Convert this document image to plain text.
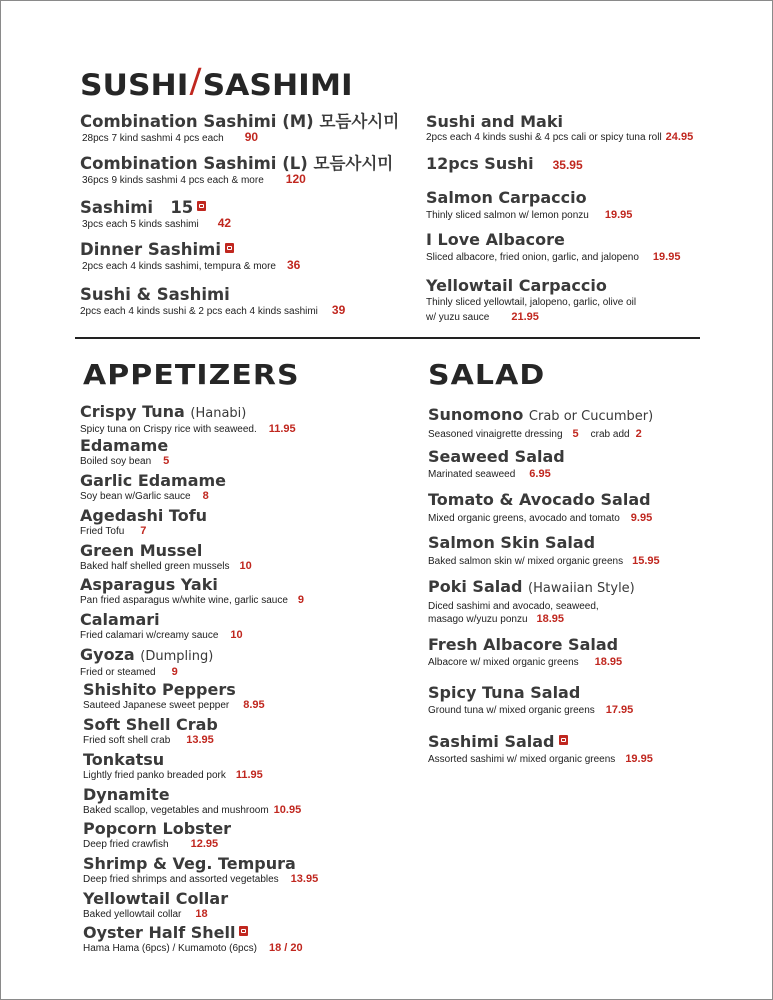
SUSHI/SASHIMI
Combination Sashimi (M) 모듬사시미
28pcs 7 kind sashmi 4 pcs each 90
Combination Sashimi (L) 모듬사시미
36pcs 9 kinds sashmi 4 pcs each & more 120
Sashimi 15
3pcs each 5 kinds sashimi 42
Dinner Sashimi
2pcs each 4 kinds sashimi, tempura & more 36
Sushi & Sashimi
2pcs each 4 kinds sushi & 2 pcs each 4 kinds sashimi 39
Sushi and Maki
2pcs each 4 kinds sushi & 4 pcs cali or spicy tuna roll 24.95
12pcs Sushi 35.95
Salmon Carpaccio
Thinly sliced salmon w/ lemon ponzu 19.95
I Love Albacore
Sliced albacore, fried onion, garlic, and jalopeno 19.95
Yellowtail Carpaccio
Thinly sliced yellowtail, jalopeno, garlic, olive oil
w/ yuzu sauce 21.95
APPETIZERS
Crispy Tuna (Hanabi)
Spicy tuna on Crispy rice with seaweed. 11.95
Edamame
Boiled soy bean 5
Garlic Edamame
Soy bean w/Garlic sauce 8
Agedashi Tofu
Fried Tofu 7
Green Mussel
Baked half shelled green mussels 10
Asparagus Yaki
Pan fried asparagus w/white wine, garlic sauce 9
Calamari
Fried calamari w/creamy sauce 10
Gyoza (Dumpling)
Fried or steamed 9
Shishito Peppers
Sauteed Japanese sweet pepper 8.95
Soft Shell Crab
Fried soft shell crab 13.95
Tonkatsu
Lightly fried panko breaded pork 11.95
Dynamite
Baked scallop, vegetables and mushroom 10.95
Popcorn Lobster
Deep fried crawfish 12.95
Shrimp & Veg. Tempura
Deep fried shrimps and assorted vegetables 13.95
Yellowtail Collar
Baked yellowtail collar 18
Oyster Half Shell
Hama Hama (6pcs) / Kumamoto (6pcs) 18 / 20
SALAD
Sunomono Crab or Cucumber)
Seasoned vinaigrette dressing 5 crab add 2
Seaweed Salad
Marinated seaweed 6.95
Tomato & Avocado Salad
Mixed organic greens, avocado and tomato 9.95
Salmon Skin Salad
Baked salmon skin w/ mixed organic greens 15.95
Poki Salad (Hawaiian Style)
Diced sashimi and avocado, seaweed,
masago w/yuzu ponzu 18.95
Fresh Albacore Salad
Albacore w/ mixed organic greens 18.95
Spicy Tuna Salad
Ground tuna w/ mixed organic greens 17.95
Sashimi Salad
Assorted sashimi w/ mixed organic greens 19.95
